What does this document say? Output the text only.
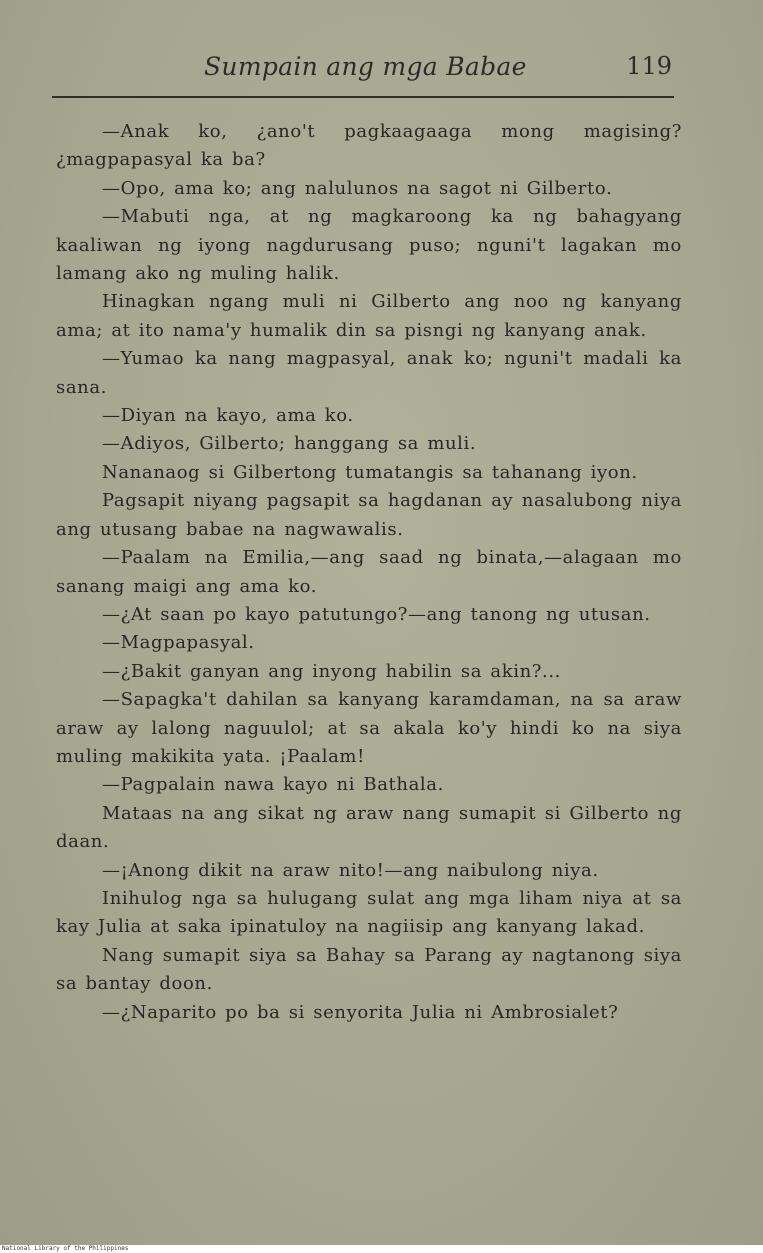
Sumpain ang mga Babae	119

—Anak ko, ¿ano't pagkaagaaga mong magising? ¿magpapasyal ka ba?

—Opo, ama ko; ang nalulunos na sagot ni Gilberto.

—Mabuti nga, at ng magkaroong ka ng bahagyang kaaliwan ng iyong nagdurusang puso; nguni't lagakan mo lamang ako ng muling halik.

Hinagkan ngang muli ni Gilberto ang noo ng kanyang ama; at ito nama'y humalik din sa pisngi ng kanyang anak.

—Yumao ka nang magpasyal, anak ko; nguni't madali ka sana.

—Diyan na kayo, ama ko.

—Adiyos, Gilberto; hanggang sa muli.

Nananaog si Gilbertong tumatangis sa tahanang iyon.

Pagsapit niyang pagsapit sa hagdanan ay nasalubong niya ang utusang babae na nagwawalis.

—Paalam na Emilia,—ang saad ng binata,—alagaan mo sanang maigi ang ama ko.

—¿At saan po kayo patutungo?—ang tanong ng utusan.

—Magpapasyal.

—¿Bakit ganyan ang inyong habilin sa akin?...

—Sapagka't dahilan sa kanyang karamdaman, na sa araw araw ay lalong naguulol; at sa akala ko'y hindi ko na siya muling makikita yata. ¡Paalam!

—Pagpalain nawa kayo ni Bathala.

Mataas na ang sikat ng araw nang sumapit si Gilberto ng daan.

—¡Anong dikit na araw nito!—ang naibulong niya.

Inihulog nga sa hulugang sulat ang mga liham niya at sa kay Julia at saka ipinatuloy na nagiisip ang kanyang lakad.

Nang sumapit siya sa Bahay sa Parang ay nagtanong siya sa bantay doon.

—¿Naparito po ba si senyorita Julia ni Ambrosialet?

National Library of the Philippines
